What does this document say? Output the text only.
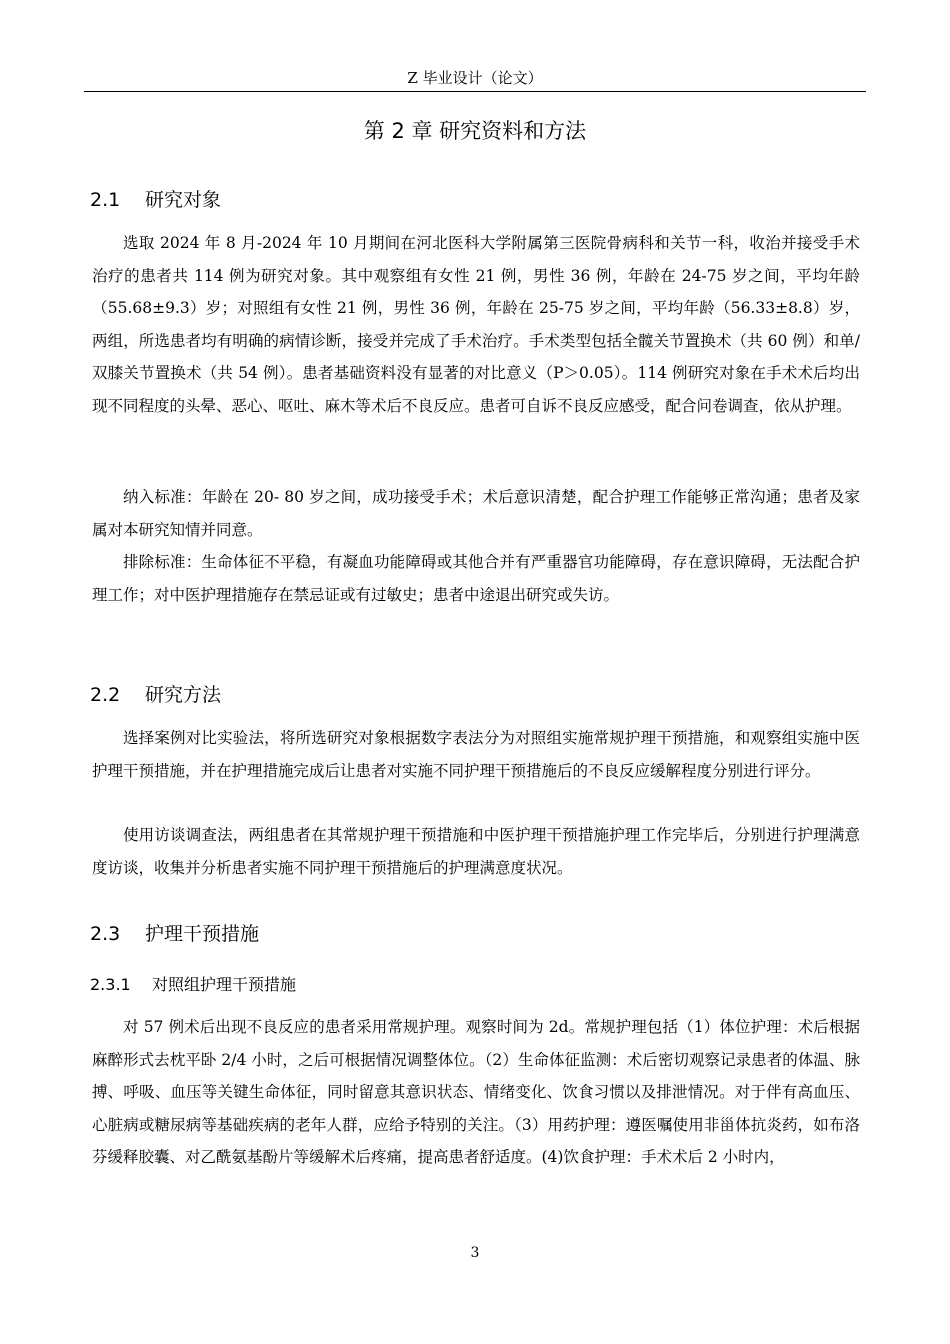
Z 毕业设计（论文）
第 2 章 研究资料和方法
2.1 研究对象

选取 2024 年 8 月-2024 年 10 月期间在河北医科大学附属第三医院骨病科和关节一科，收治并接受手术治疗的患者共 114 例为研究对象。其中观察组有女性 21 例，男性 36 例，年龄在 24-75 岁之间，平均年龄（55.68±9.3）岁；对照组有女性 21 例，男性 36 例，年龄在 25-75 岁之间，平均年龄（56.33±8.8）岁，两组，所选患者均有明确的病情诊断，接受并完成了手术治疗。手术类型包括全髋关节置换术（共 60 例）和单/双膝关节置换术（共 54 例）。患者基础资料没有显著的对比意义（P＞0.05）。114 例研究对象在手术术后均出现不同程度的头晕、恶心、呕吐、麻木等术后不良反应。患者可自诉不良反应感受，配合问卷调查，依从护理。

纳入标准：年龄在 20- 80 岁之间，成功接受手术；术后意识清楚，配合护理工作能够正常沟通；患者及家属对本研究知情并同意。

排除标准：生命体征不平稳，有凝血功能障碍或其他合并有严重器官功能障碍，存在意识障碍，无法配合护理工作；对中医护理措施存在禁忌证或有过敏史；患者中途退出研究或失访。

2.2 研究方法

选择案例对比实验法，将所选研究对象根据数字表法分为对照组实施常规护理干预措施，和观察组实施中医护理干预措施，并在护理措施完成后让患者对实施不同护理干预措施后的不良反应缓解程度分别进行评分。

使用访谈调查法，两组患者在其常规护理干预措施和中医护理干预措施护理工作完毕后，分别进行护理满意度访谈，收集并分析患者实施不同护理干预措施后的护理满意度状况。

2.3 护理干预措施
2.3.1 对照组护理干预措施

对 57 例术后出现不良反应的患者采用常规护理。观察时间为 2d。常规护理包括（1）体位护理：术后根据麻醉形式去枕平卧 2/4 小时，之后可根据情况调整体位。（2）生命体征监测：术后密切观察记录患者的体温、脉搏、呼吸、血压等关键生命体征，同时留意其意识状态、情绪变化、饮食习惯以及排泄情况。对于伴有高血压、心脏病或糖尿病等基础疾病的老年人群，应给予特别的关注。（3）用药护理：遵医嘱使用非甾体抗炎药，如布洛芬缓释胶囊、对乙酰氨基酚片等缓解术后疼痛，提高患者舒适度。(4)饮食护理：手术术后 2 小时内，

3
